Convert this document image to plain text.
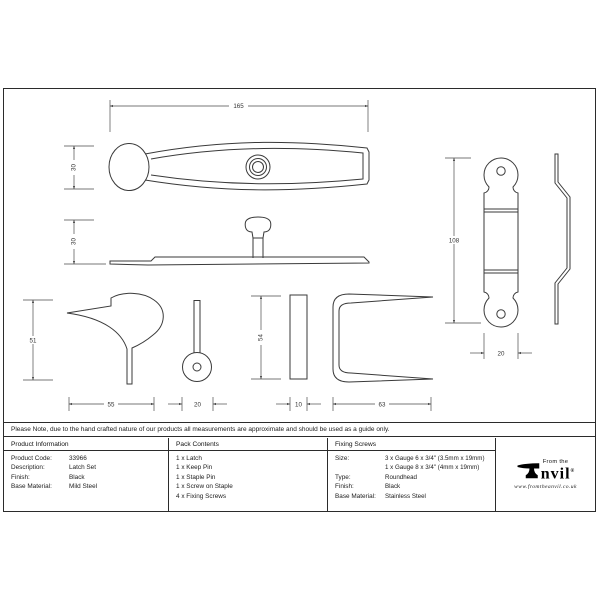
165
30
30
51
55	20
54
10	63
108
20
Please Note, due to the hand crafted nature of our products all measurements are approximate and should be used as a guide only.
Product Information
Product Code:	33966
Description:	Latch Set
Finish:	Black
Base Material:	Mild Steel
Pack Contents
1 x Latch
1 x Keep Pin
1 x Staple Pin
1 x Screw on Staple
4 x Fixing Screws
Fixing Screws
Size:	3 x Gauge 6 x 3/4" (3.5mm x 19mm)
1 x Gauge 8 x 3/4" (4mm x 19mm)
Type:	Roundhead
Finish:	Black
Base Material:	Stainless Steel
From the
nvil®
www.fromtheanvil.co.uk
